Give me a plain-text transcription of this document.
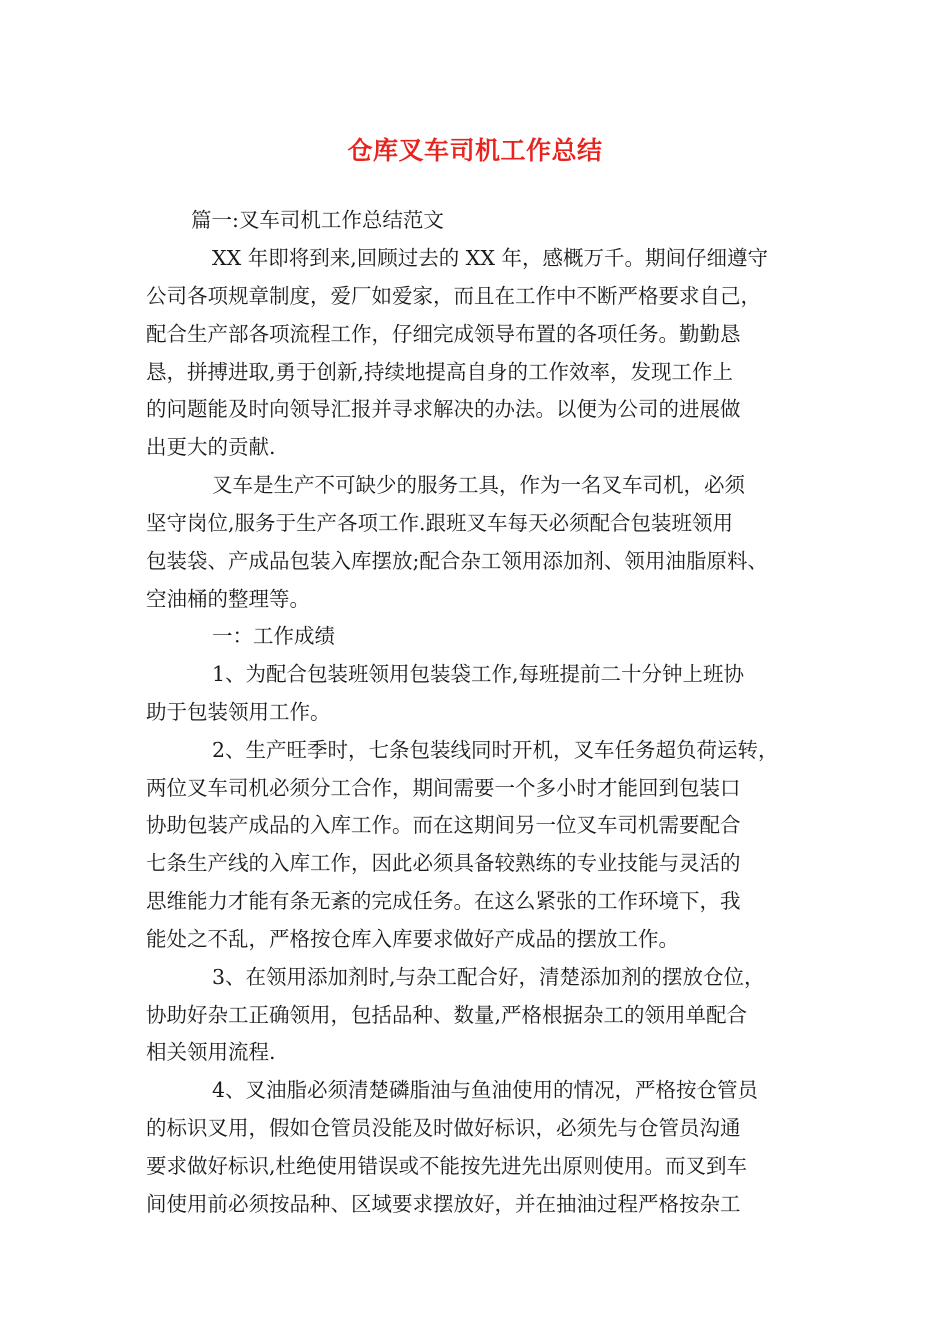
仓库叉车司机工作总结
篇一:叉车司机工作总结范文
XX 年即将到来,回顾过去的 XX 年，感概万千。期间仔细遵守
公司各项规章制度，爱厂如爱家，而且在工作中不断严格要求自己，
配合生产部各项流程工作，仔细完成领导布置的各项任务。勤勤恳
恳，拼搏进取,勇于创新,持续地提高自身的工作效率，发现工作上
的问题能及时向领导汇报并寻求解决的办法。以便为公司的进展做
出更大的贡献.
叉车是生产不可缺少的服务工具，作为一名叉车司机，必须
坚守岗位,服务于生产各项工作.跟班叉车每天必须配合包装班领用
包装袋、产成品包装入库摆放;配合杂工领用添加剂、领用油脂原料、
空油桶的整理等。
一：工作成绩
1、为配合包装班领用包装袋工作,每班提前二十分钟上班协
助于包装领用工作。
2、生产旺季时，七条包装线同时开机，叉车任务超负荷运转，
两位叉车司机必须分工合作，期间需要一个多小时才能回到包装口
协助包装产成品的入库工作。而在这期间另一位叉车司机需要配合
七条生产线的入库工作，因此必须具备较熟练的专业技能与灵活的
思维能力才能有条无紊的完成任务。在这么紧张的工作环境下，我
能处之不乱，严格按仓库入库要求做好产成品的摆放工作。
3、在领用添加剂时,与杂工配合好，清楚添加剂的摆放仓位，
协助好杂工正确领用，包括品种、数量,严格根据杂工的领用单配合
相关领用流程.
4、叉油脂必须清楚磷脂油与鱼油使用的情况，严格按仓管员
的标识叉用，假如仓管员没能及时做好标识，必须先与仓管员沟通
要求做好标识,杜绝使用错误或不能按先进先出原则使用。而叉到车
间使用前必须按品种、区域要求摆放好，并在抽油过程严格按杂工
